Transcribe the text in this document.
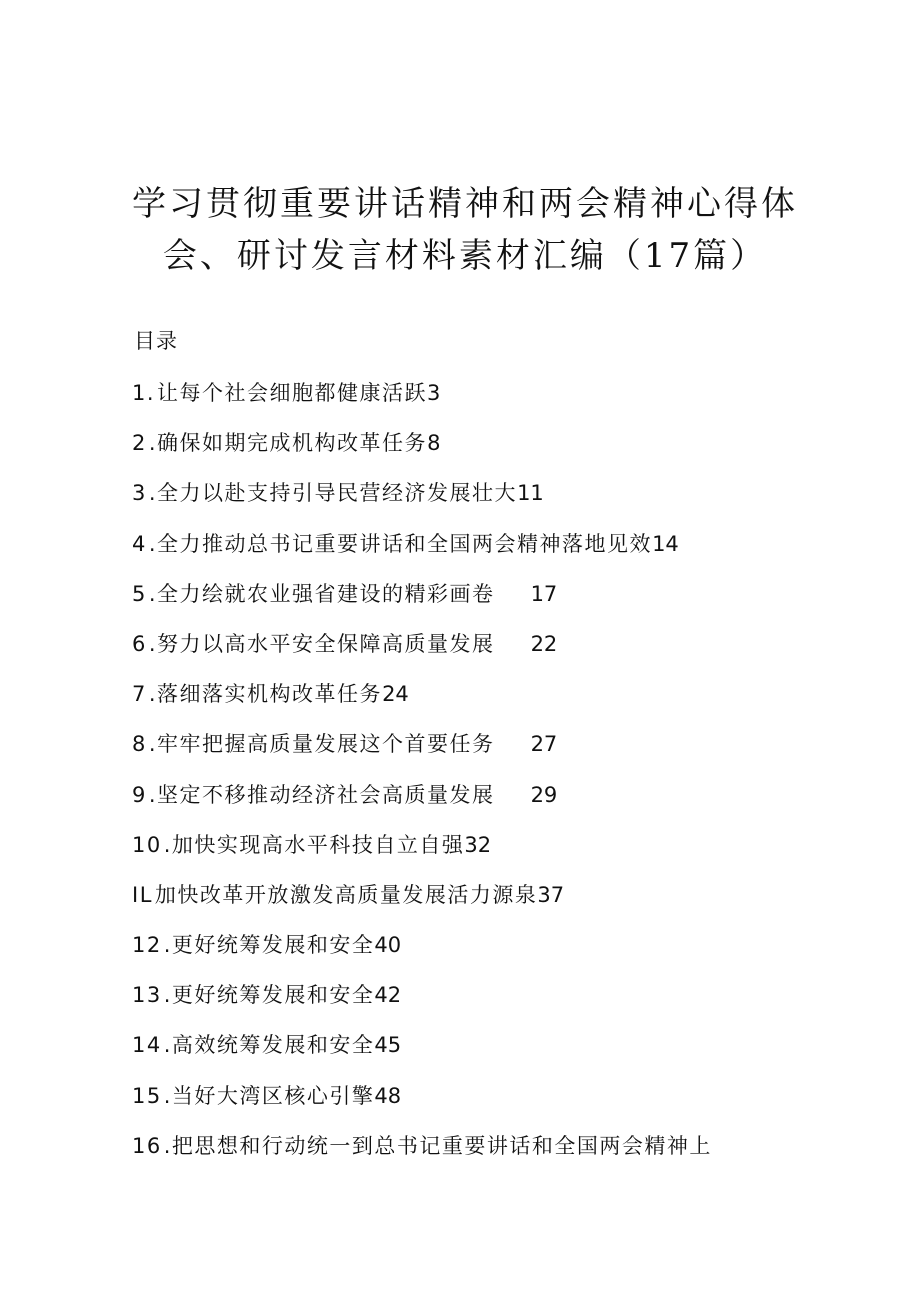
学习贯彻重要讲话精神和两会精神心得体
会、研讨发言材料素材汇编（17篇）

目录

1.让每个社会细胞都健康活跃3
2.确保如期完成机构改革任务8
3.全力以赴支持引导民营经济发展壮大11
4.全力推动总书记重要讲话和全国两会精神落地见效14
5.全力绘就农业强省建设的精彩画卷 17
6.努力以高水平安全保障高质量发展 22
7.落细落实机构改革任务24
8.牢牢把握高质量发展这个首要任务 27
9.坚定不移推动经济社会高质量发展 29
10.加快实现高水平科技自立自强32
IL加快改革开放激发高质量发展活力源泉37
12.更好统筹发展和安全40
13.更好统筹发展和安全42
14.高效统筹发展和安全45
15.当好大湾区核心引擎48
16.把思想和行动统一到总书记重要讲话和全国两会精神上
